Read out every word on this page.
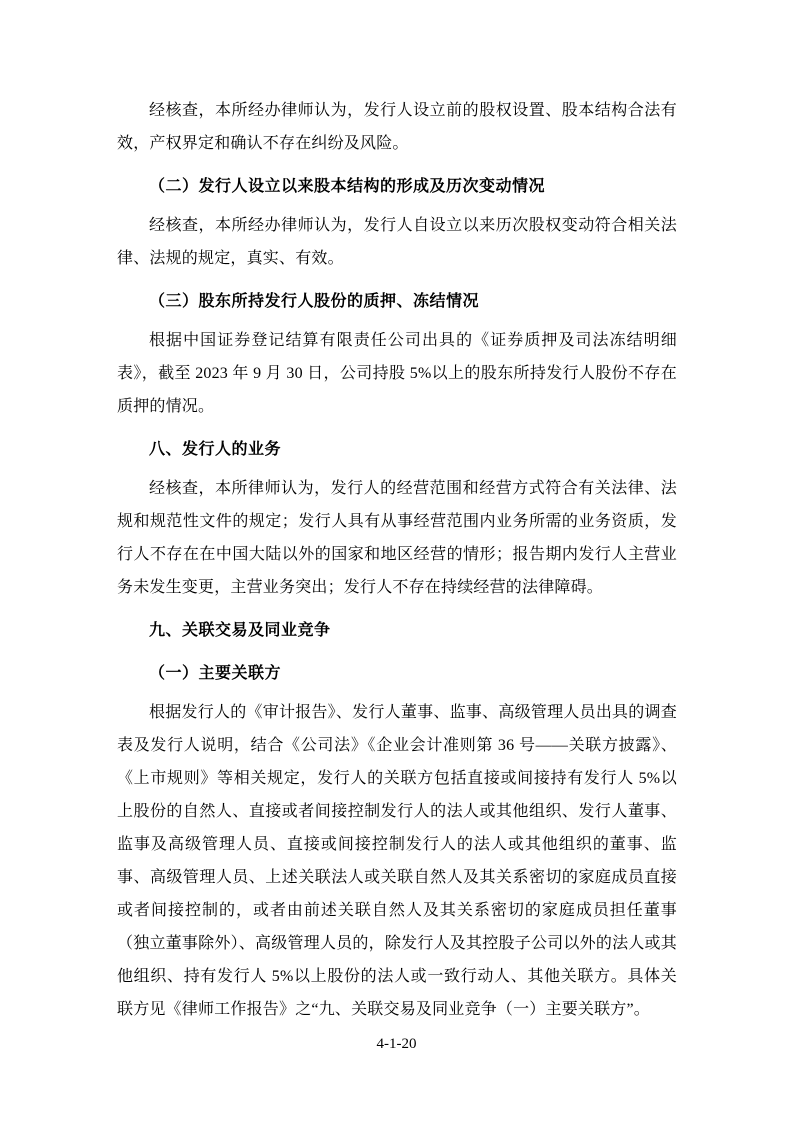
经核查，本所经办律师认为，发行人设立前的股权设置、股本结构合法有效，产权界定和确认不存在纠纷及风险。

（二）发行人设立以来股本结构的形成及历次变动情况

经核查，本所经办律师认为，发行人自设立以来历次股权变动符合相关法律、法规的规定，真实、有效。

（三）股东所持发行人股份的质押、冻结情况

根据中国证券登记结算有限责任公司出具的《证券质押及司法冻结明细表》，截至 2023 年 9 月 30 日，公司持股 5%以上的股东所持发行人股份不存在质押的情况。

八、发行人的业务

经核查，本所律师认为，发行人的经营范围和经营方式符合有关法律、法规和规范性文件的规定；发行人具有从事经营范围内业务所需的业务资质，发行人不存在在中国大陆以外的国家和地区经营的情形；报告期内发行人主营业务未发生变更，主营业务突出；发行人不存在持续经营的法律障碍。

九、关联交易及同业竞争
（一）主要关联方

根据发行人的《审计报告》、发行人董事、监事、高级管理人员出具的调查表及发行人说明，结合《公司法》《企业会计准则第 36 号——关联方披露》、《上市规则》等相关规定，发行人的关联方包括直接或间接持有发行人 5%以上股份的自然人、直接或者间接控制发行人的法人或其他组织、发行人董事、监事及高级管理人员、直接或间接控制发行人的法人或其他组织的董事、监事、高级管理人员、上述关联法人或关联自然人及其关系密切的家庭成员直接或者间接控制的，或者由前述关联自然人及其关系密切的家庭成员担任董事（独立董事除外）、高级管理人员的，除发行人及其控股子公司以外的法人或其他组织、持有发行人 5%以上股份的法人或一致行动人、其他关联方。具体关联方见《律师工作报告》之“九、关联交易及同业竞争（一）主要关联方”。

4-1-20
